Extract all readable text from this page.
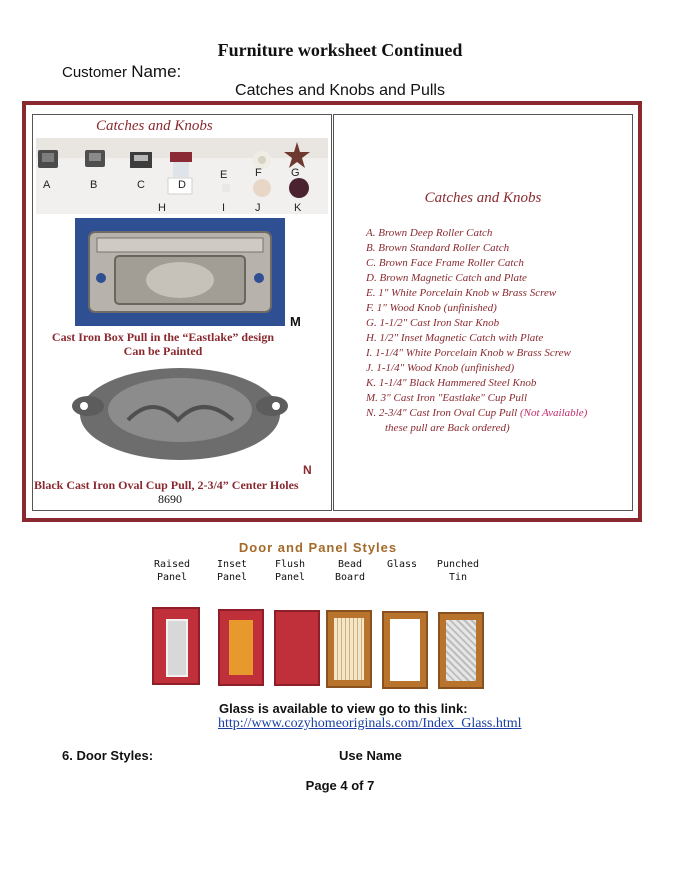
Furniture worksheet Continued
Customer Name:
Catches and Knobs and Pulls
Catches and Knobs
A	B	C	D
E	F	G
H	I	J	K
M
Cast Iron Box Pull in the “Eastlake” design
Can be Painted
N
Black Cast Iron Oval Cup Pull, 2-3/4” Center Holes
8690
Catches and Knobs
A. Brown Deep Roller Catch
B. Brown Standard Roller Catch
C. Brown Face Frame Roller Catch
D. Brown Magnetic Catch and Plate
E. 1" White Porcelain Knob w Brass Screw
F. 1" Wood Knob (unfinished)
G. 1-1/2" Cast Iron Star Knob
H. 1/2" Inset Magnetic Catch with Plate
I. 1-1/4" White Porcelain Knob w Brass Screw
J. 1-1/4" Wood Knob (unfinished)
K. 1-1/4" Black Hammered Steel Knob
M. 3" Cast Iron "Eastlake" Cup Pull
N. 2-3/4" Cast Iron Oval Cup Pull (Not Available)
these pull are Back ordered)
Door and Panel Styles
Raised
Panel
Inset
Panel
Flush
Panel
Bead
Board
Glass	Punched
Tin
Glass is available to view go to this link:
http://www.cozyhomeoriginals.com/Index_Glass.html
6. Door Styles:	Use Name
Page 4 of 7
